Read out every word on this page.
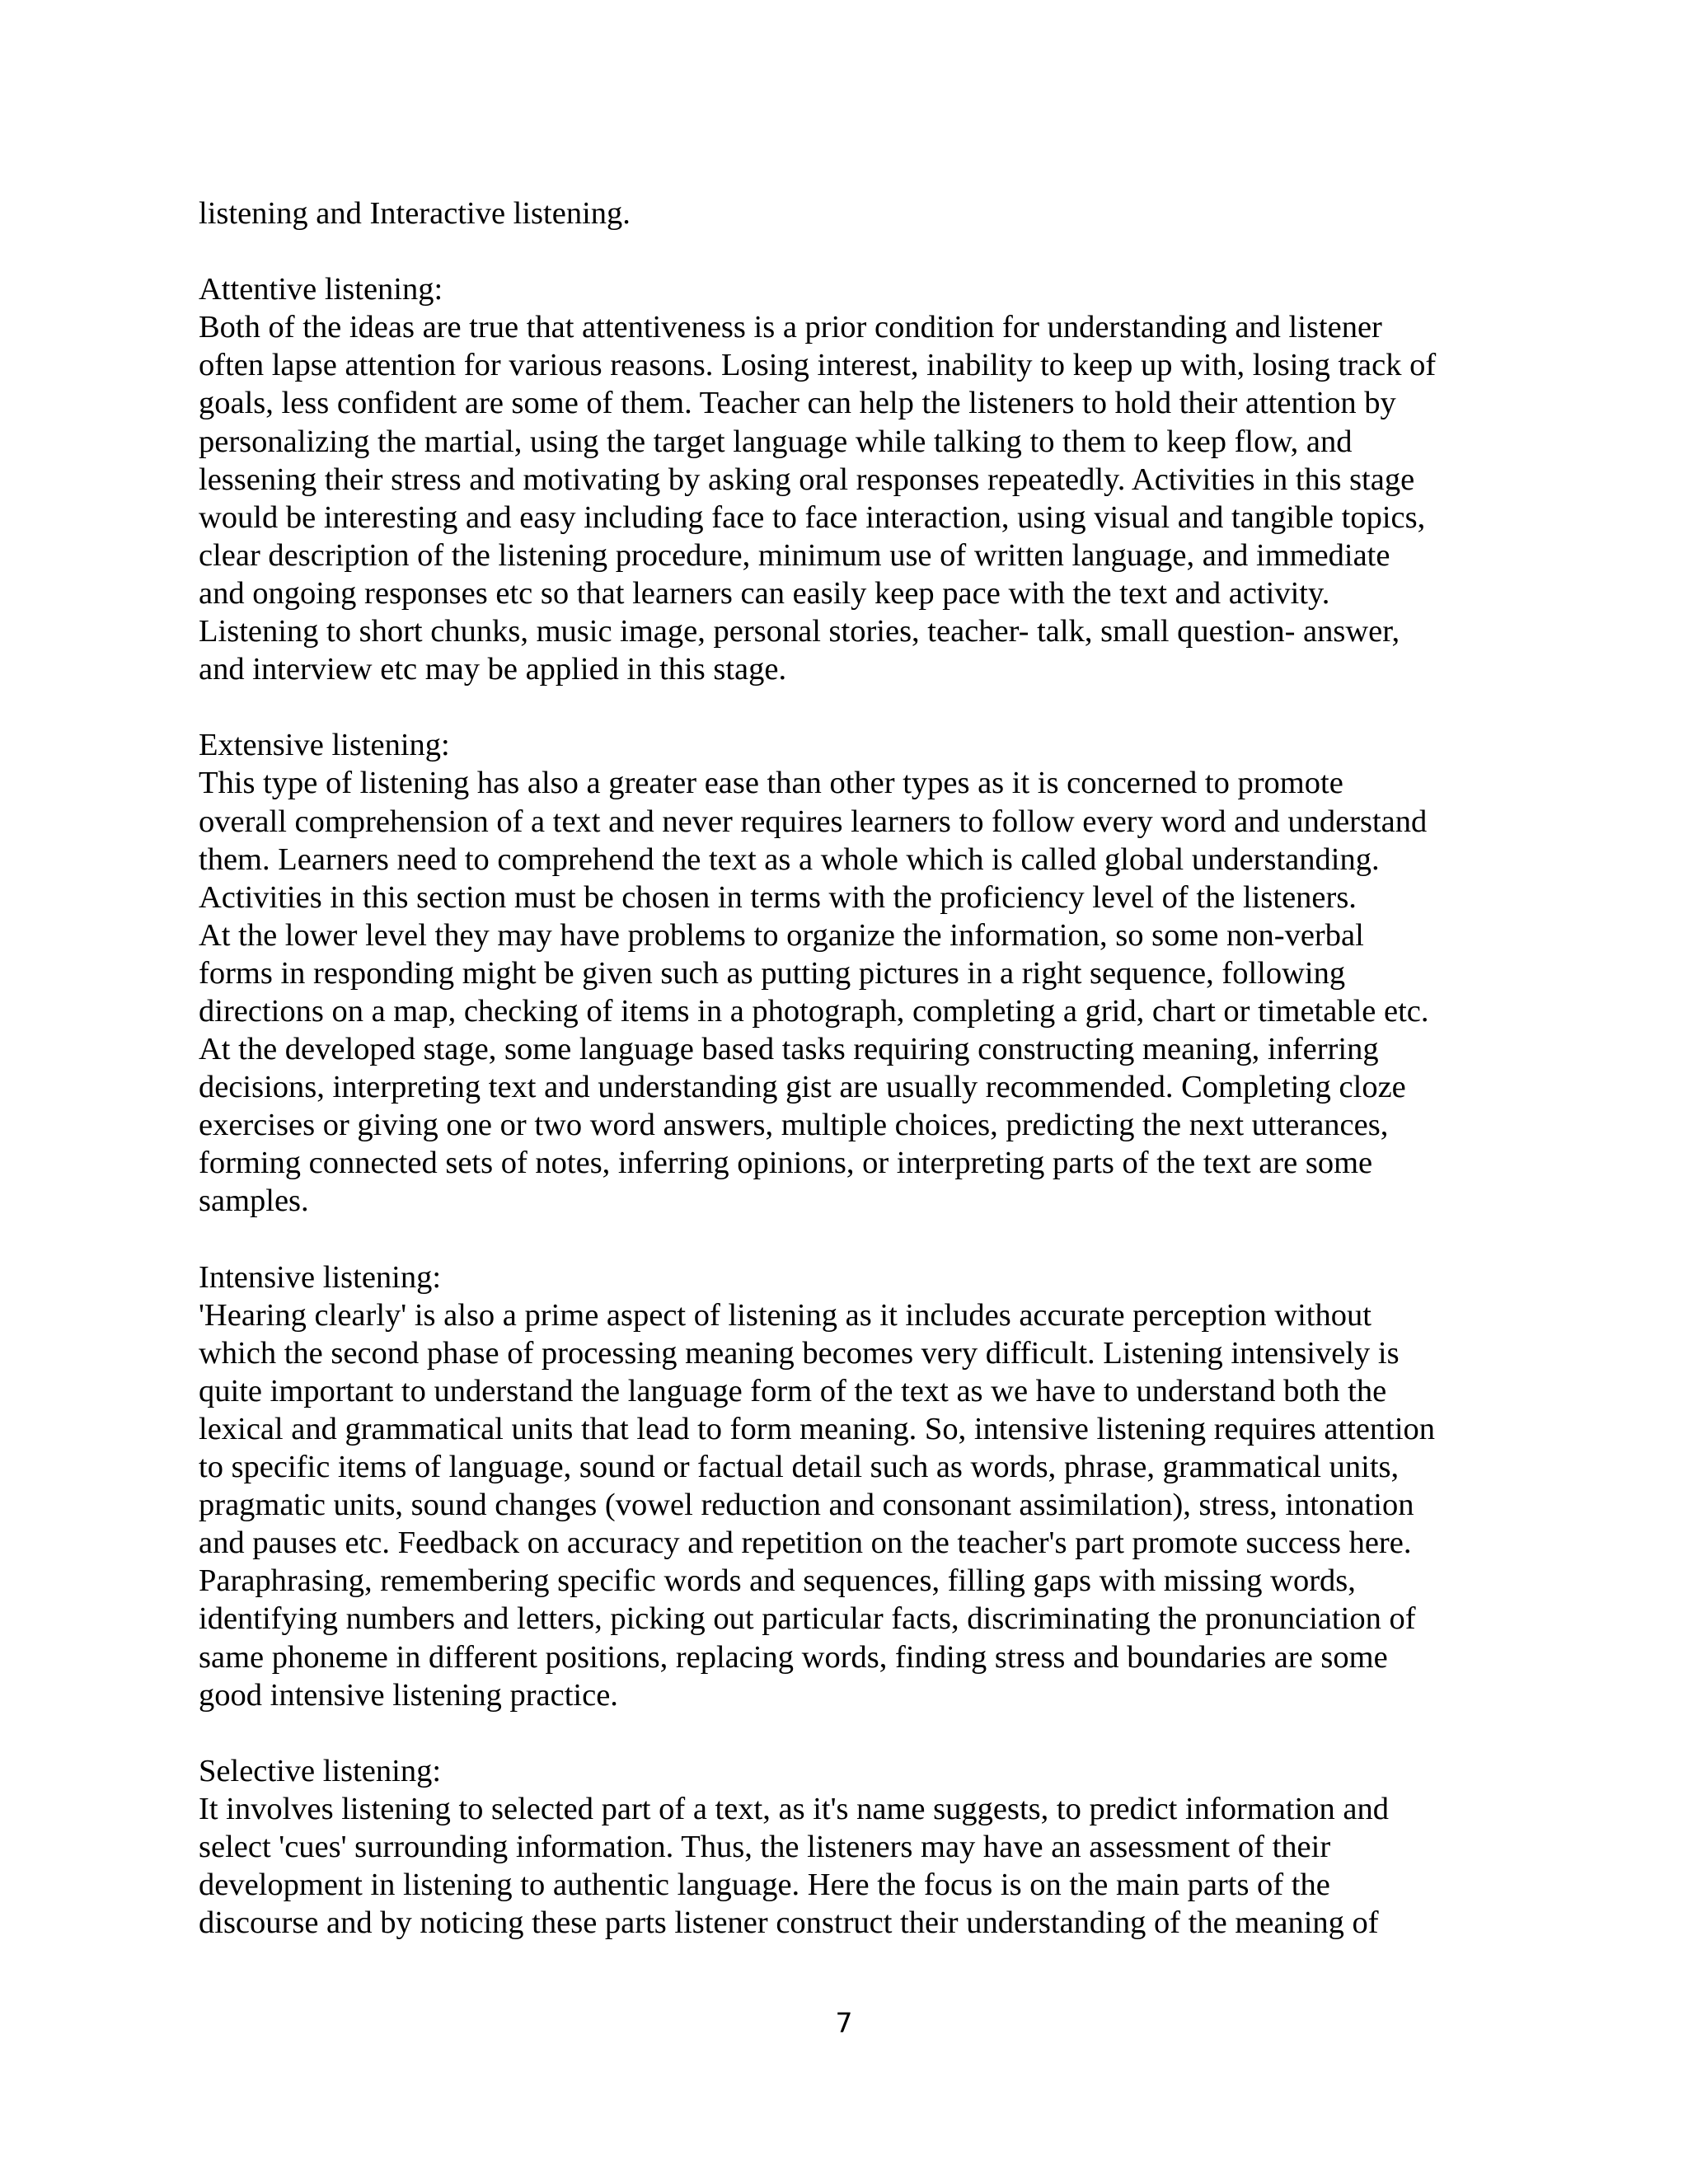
listening and Interactive listening.
Attentive listening:
Both of the ideas are true that attentiveness is a prior condition for understanding and listener
often lapse attention for various reasons. Losing interest, inability to keep up with, losing track of
goals, less confident are some of them. Teacher can help the listeners to hold their attention by
personalizing the martial, using the target language while talking to them to keep flow, and
lessening their stress and motivating by asking oral responses repeatedly. Activities in this stage
would be interesting and easy including face to face interaction, using visual and tangible topics,
clear description of the listening procedure, minimum use of written language, and immediate
and ongoing responses etc so that learners can easily keep pace with the text and activity.
Listening to short chunks, music image, personal stories, teacher- talk, small question- answer,
and interview etc may be applied in this stage.
Extensive listening:
This type of listening has also a greater ease than other types as it is concerned to promote
overall comprehension of a text and never requires learners to follow every word and understand
them. Learners need to comprehend the text as a whole which is called global understanding.
Activities in this section must be chosen in terms with the proficiency level of the listeners.
At the lower level they may have problems to organize the information, so some non-verbal
forms in responding might be given such as putting pictures in a right sequence, following
directions on a map, checking of items in a photograph, completing a grid, chart or timetable etc.
At the developed stage, some language based tasks requiring constructing meaning, inferring
decisions, interpreting text and understanding gist are usually recommended. Completing cloze
exercises or giving one or two word answers, multiple choices, predicting the next utterances,
forming connected sets of notes, inferring opinions, or interpreting parts of the text are some
samples.
Intensive listening:
'Hearing clearly' is also a prime aspect of listening as it includes accurate perception without
which the second phase of processing meaning becomes very difficult. Listening intensively is
quite important to understand the language form of the text as we have to understand both the
lexical and grammatical units that lead to form meaning. So, intensive listening requires attention
to specific items of language, sound or factual detail such as words, phrase, grammatical units,
pragmatic units, sound changes (vowel reduction and consonant assimilation), stress, intonation
and pauses etc. Feedback on accuracy and repetition on the teacher's part promote success here.
Paraphrasing, remembering specific words and sequences, filling gaps with missing words,
identifying numbers and letters, picking out particular facts, discriminating the pronunciation of
same phoneme in different positions, replacing words, finding stress and boundaries are some
good intensive listening practice.
Selective listening:
It involves listening to selected part of a text, as it's name suggests, to predict information and
select 'cues' surrounding information. Thus, the listeners may have an assessment of their
development in listening to authentic language. Here the focus is on the main parts of the
discourse and by noticing these parts listener construct their understanding of the meaning of
7
